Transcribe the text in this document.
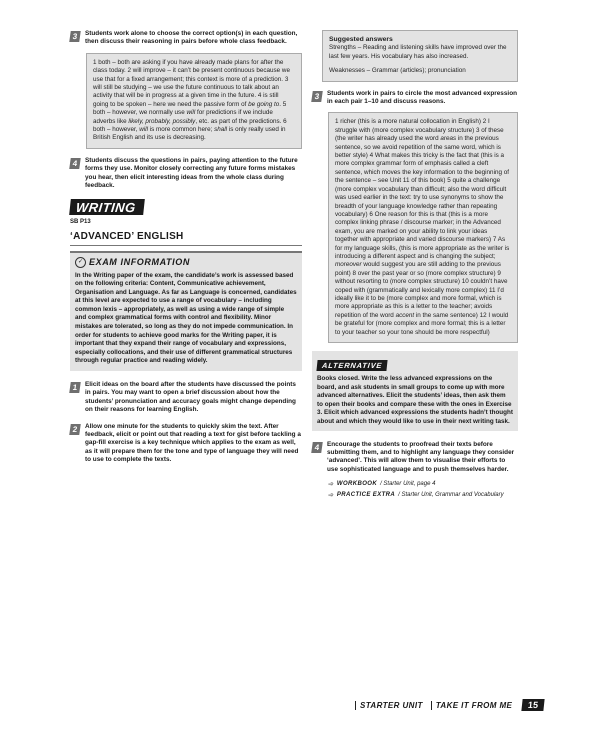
3	Students work alone to choose the correct option(s) in each question, then discuss their reasoning in pairs before whole class feedback.
1 both – both are asking if you have already made plans for after the class today. 2 will improve – it can’t be present continuous because we use that for a fixed arrangement; this context is more of a prediction. 3 will still be studying – we use the future continuous to talk about an activity that will be in progress at a given time in the future. 4 is still going to be spoken – here we need the passive form of be going to. 5 both – however, we normally use will for predictions if we include adverbs like likely, probably, possibly, etc. as part of the predictions. 6 both – however, will is more common here; shall is only really used in British English and its use is decreasing.
4	Students discuss the questions in pairs, paying attention to the future forms they use. Monitor closely correcting any future forms mistakes you hear, then elicit interesting ideas from the whole class during feedback.
WRITING
SB P13
‘ADVANCED’ ENGLISH
✓ EXAM INFORMATION
In the Writing paper of the exam, the candidate’s work is assessed based on the following criteria: Content, Communicative achievement, Organisation and Language. As far as Language is concerned, candidates at this level are expected to use a range of vocabulary – including common lexis – appropriately, as well as using a wide range of simple and complex grammatical forms with control and flexibility. Minor mistakes are tolerated, so long as they do not impede communication. In order for students to achieve good marks for the Writing paper, it is important that they expand their range of vocabulary and expressions, especially collocations, and their use of different grammatical structures through regular practice and reading widely.
1	Elicit ideas on the board after the students have discussed the points in pairs. You may want to open a brief discussion about how the students’ pronunciation and accuracy goals might change depending on their reasons for learning English.
2	Allow one minute for the students to quickly skim the text. After feedback, elicit or point out that reading a text for gist before tackling a gap-fill exercise is a key technique which applies to the exam as well, as it will prepare them for the tone and type of language they will need to use to complete the texts.
Suggested answers
Strengths – Reading and listening skills have improved over the last few years. His vocabulary has also increased.
Weaknesses – Grammar (articles); pronunciation
3	Students work in pairs to circle the most advanced expression in each pair 1–10 and discuss reasons.
1 richer (this is a more natural collocation in English) 2 I struggle with (more complex vocabulary structure) 3 of these (the writer has already used the word areas in the previous sentence, so we avoid repetition of the same word, which is better style) 4 What makes this tricky is the fact that (this is a more complex grammar form of emphasis called a cleft sentence, which moves the key information to the beginning of the sentence – see Unit 11 of this book) 5 quite a challenge (more complex vocabulary than difficult; also the word difficult was used earlier in the text: try to use synonyms to show the breadth of your language knowledge rather than repeating vocabulary) 6 One reason for this is that (this is a more complex linking phrase / discourse marker; in the Advanced exam, you are marked on your ability to link your ideas together with appropriate and varied discourse markers) 7 As for my language skills, (this is more appropriate as the writer is introducing a different aspect and is changing the subject; moreover would suggest you are still adding to the previous point) 8 over the past year or so (more complex structure) 9 without resorting to (more complex structure) 10 couldn’t have coped with (grammatically and lexically more complex) 11 I’d ideally like it to be (more complex and more formal, which is more appropriate as this is a letter to the teacher; avoids repetition of the word accent in the same sentence) 12 I would be grateful for (more complex and more formal; this is a letter to your teacher so your tone should be more respectful)
ALTERNATIVE
Books closed. Write the less advanced expressions on the board, and ask students in small groups to come up with more advanced alternatives. Elicit the students’ ideas, then ask them to open their books and compare these with the ones in Exercise 3. Elicit which advanced expressions the students hadn’t thought about and which they would like to use in their next writing task.
4	Encourage the students to proofread their texts before submitting them, and to highlight any language they consider ‘advanced’. This will allow them to visualise their efforts to use sophisticated language and to push themselves harder.
➾ WORKBOOK / Starter Unit, page 4
➾ PRACTICE EXTRA / Starter Unit, Grammar and Vocabulary
STARTER UNIT	TAKE IT FROM ME	15
